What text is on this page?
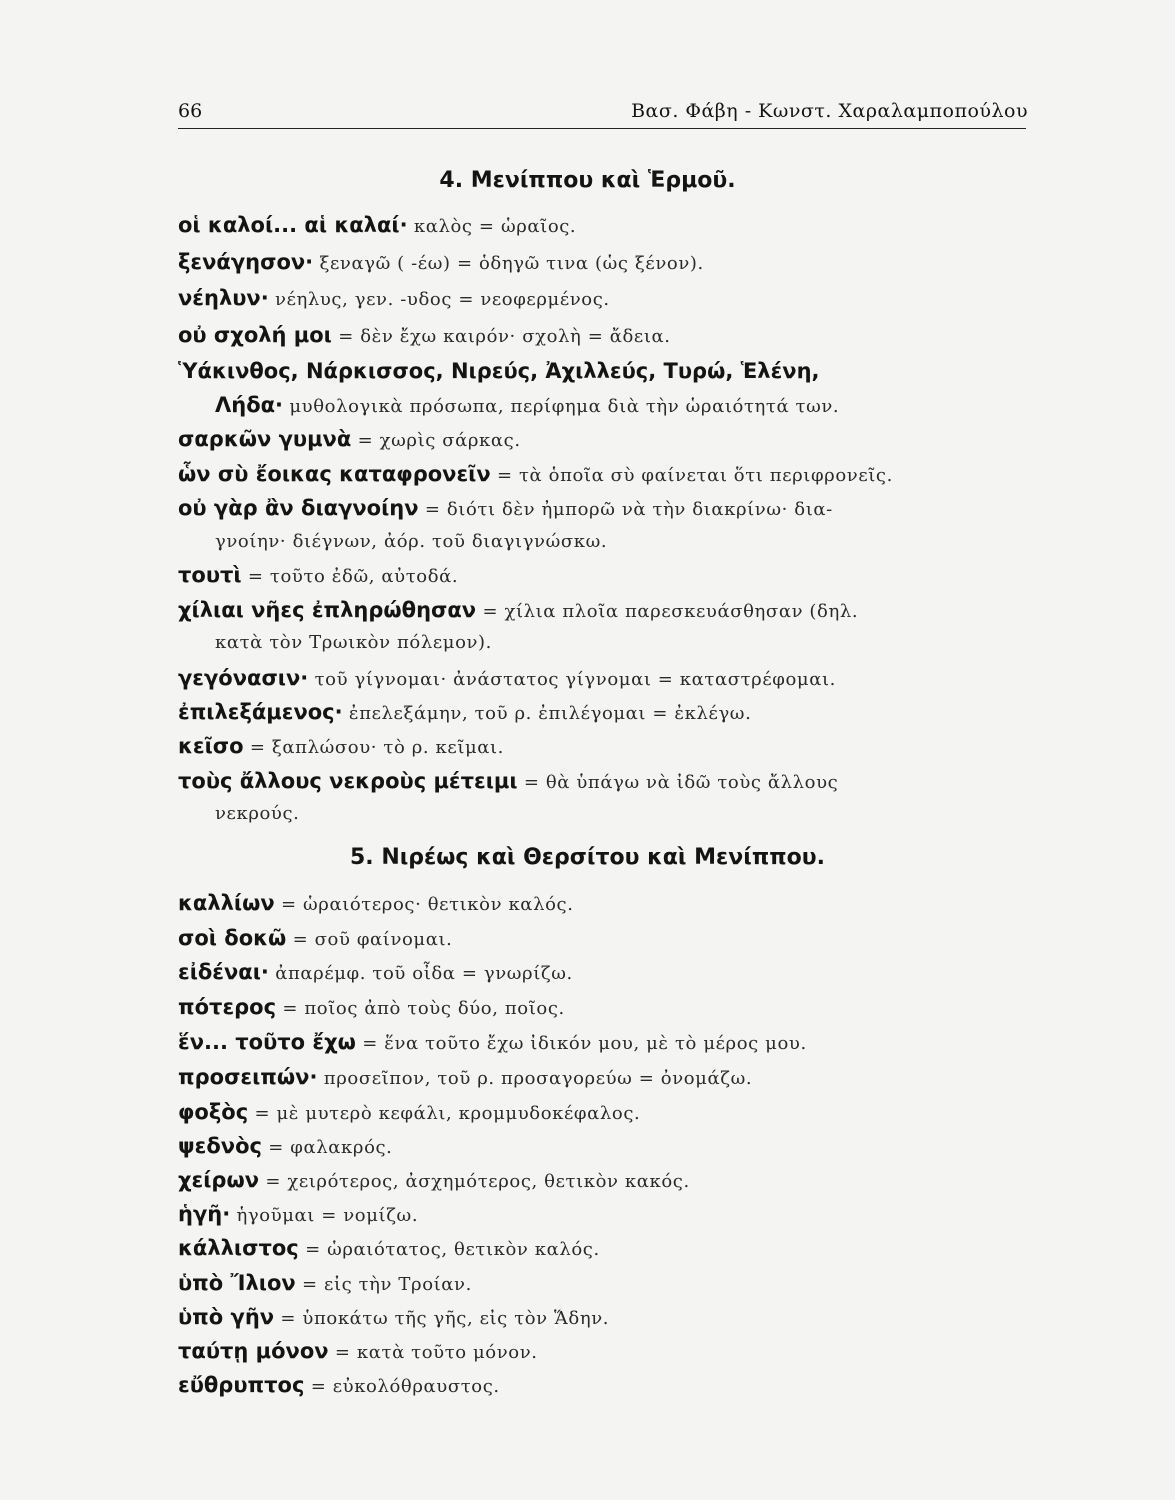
66	Βασ. Φάβη - Κωνστ. Χαραλαμποπούλου
4. Μενίππου καὶ Ἑρμοῦ.
οἱ καλοί... αἱ καλαί· καλὸς = ὡραῖος.
ξενάγησον· ξεναγῶ ( -έω) = ὁδηγῶ τινα (ὡς ξένον).
νέηλυν· νέηλυς, γεν. -υδος = νεοφερμένος.
οὐ σχολή μοι = δὲν ἔχω καιρόν· σχολὴ = ἄδεια.
Ὑάκινθος, Νάρκισσος, Νιρεύς, Ἀχιλλεύς, Τυρώ, Ἑλένη,
Λήδα· μυθολογικὰ πρόσωπα, περίφημα διὰ τὴν ὡραιότητά των.
σαρκῶν γυμνὰ = χωρὶς σάρκας.
ὧν σὺ ἔοικας καταφρονεῖν = τὰ ὁποῖα σὺ φαίνεται ὅτι περιφρονεῖς.
οὐ γὰρ ἂν διαγνοίην = διότι δὲν ἠμπορῶ νὰ τὴν διακρίνω· δια-
γνοίην· διέγνων, ἀόρ. τοῦ διαγιγνώσκω.
τουτὶ = τοῦτο ἐδῶ, αὐτοδά.
χίλιαι νῆες ἐπληρώθησαν = χίλια πλοῖα παρεσκευάσθησαν (δηλ.
κατὰ τὸν Τρωικὸν πόλεμον).
γεγόνασιν· τοῦ γίγνομαι· ἀνάστατος γίγνομαι = καταστρέφομαι.
ἐπιλεξάμενος· ἐπελεξάμην, τοῦ ρ. ἐπιλέγομαι = ἐκλέγω.
κεῖσο = ξαπλώσου· τὸ ρ. κεῖμαι.
τοὺς ἄλλους νεκροὺς μέτειμι = θὰ ὑπάγω νὰ ἰδῶ τοὺς ἄλλους
νεκρούς.
5. Νιρέως καὶ Θερσίτου καὶ Μενίππου.
καλλίων = ὡραιότερος· θετικὸν καλός.
σοὶ δοκῶ = σοῦ φαίνομαι.
εἰδέναι· ἀπαρέμφ. τοῦ οἶδα = γνωρίζω.
πότερος = ποῖος ἀπὸ τοὺς δύο, ποῖος.
ἕν... τοῦτο ἔχω = ἕνα τοῦτο ἔχω ἰδικόν μου, μὲ τὸ μέρος μου.
προσειπών· προσεῖπον, τοῦ ρ. προσαγορεύω = ὀνομάζω.
φοξὸς = μὲ μυτερὸ κεφάλι, κρομμυδοκέφαλος.
ψεδνὸς = φαλακρός.
χείρων = χειρότερος, ἀσχημότερος, θετικὸν κακός.
ἡγῆ· ἡγοῦμαι = νομίζω.
κάλλιστος = ὡραιότατος, θετικὸν καλός.
ὑπὸ Ἴλιον = εἰς τὴν Τροίαν.
ὑπὸ γῆν = ὑποκάτω τῆς γῆς, εἰς τὸν Ἅδην.
ταύτῃ μόνον = κατὰ τοῦτο μόνον.
εὔθρυπτος = εὐκολόθραυστος.
